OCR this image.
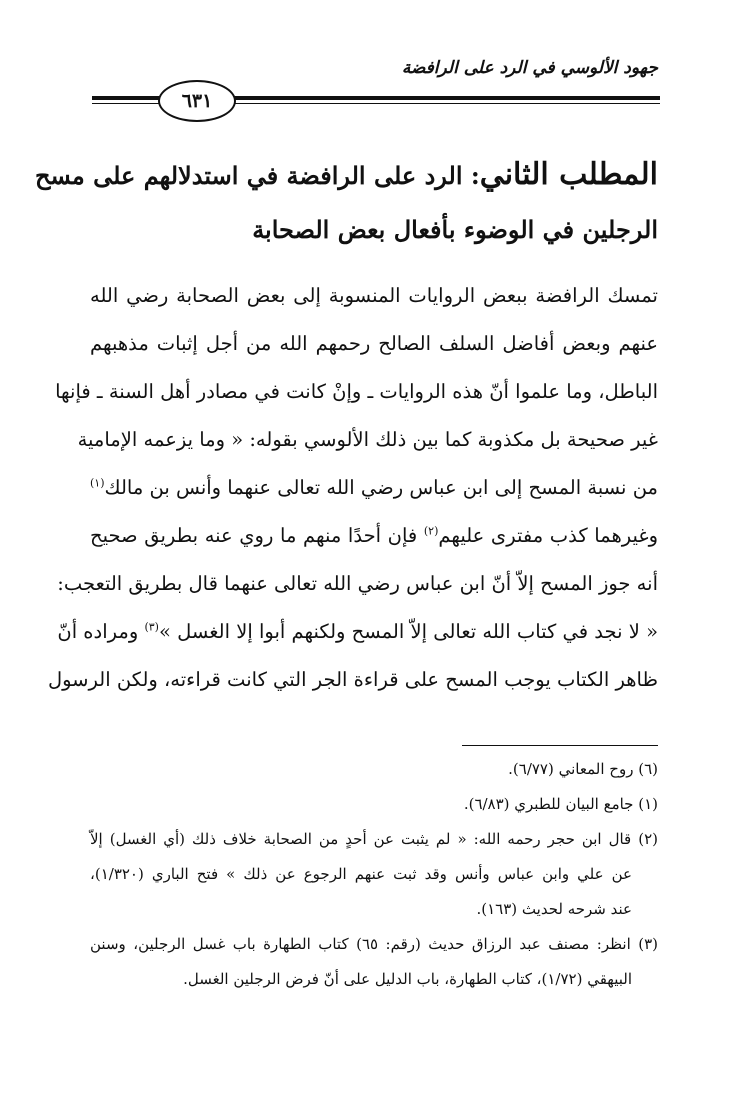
جهود الألوسي في الرد على الرافضة
٦٣١
المطلب الثاني: الرد على الرافضة في استدلالهم على مسح
الرجلين في الوضوء بأفعال بعض الصحابة
تمسك الرافضة ببعض الروايات المنسوبة إلى بعض الصحابة رضي الله
عنهم وبعض أفاضل السلف الصالح رحمهم الله من أجل إثبات مذهبهم
الباطل، وما علموا أنّ هذه الروايات ـ وإنْ كانت في مصادر أهل السنة ـ فإنها
غير صحيحة بل مكذوبة كما بين ذلك الألوسي بقوله: « وما يزعمه الإمامية
من نسبة المسح إلى ابن عباس رضي الله تعالى عنهما وأنس بن مالك$^{(١)}$
وغيرهما كذب مفترى عليهم$^{(٢)}$ فإن أحدًا منهم ما روي عنه بطريق صحيح
أنه جوز المسح إلاّ أنّ ابن عباس رضي الله تعالى عنهما قال بطريق التعجب:
« لا نجد في كتاب الله تعالى إلاّ المسح ولكنهم أبوا إلا الغسل »$^{(٣)}$ ومراده أنّ
ظاهر الكتاب يوجب المسح على قراءة الجر التي كانت قراءته، ولكن الرسول
(٦) روح المعاني (٦/٧٧).
(١) جامع البيان للطبري (٦/٨٣).
(٢) قال ابن حجر رحمه الله: « لم يثبت عن أحدٍ من الصحابة خلاف ذلك (أي الغسل) إلاّ
عن علي وابن عباس وأنس وقد ثبت عنهم الرجوع عن ذلك » فتح الباري (١/٣٢٠)،
عند شرحه لحديث (١٦٣).
(٣) انظر: مصنف عبد الرزاق حديث (رقم: ٦٥) كتاب الطهارة باب غسل الرجلين، وسنن
البيهقي (١/٧٢)، كتاب الطهارة، باب الدليل على أنّ فرض الرجلين الغسل.
